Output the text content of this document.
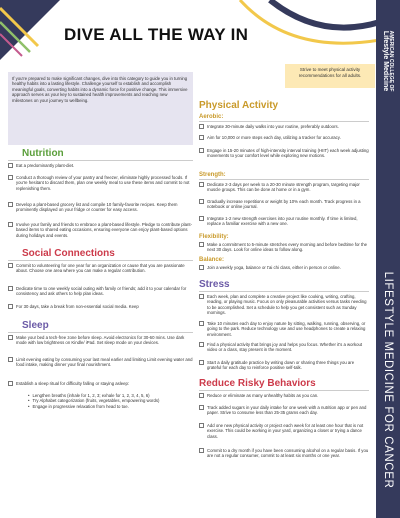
AMERICAN COLLEGE OF
Lifestyle Medicine
LIFESTYLE MEDICINE FOR CANCER
DIVE ALL THE WAY IN
If you're prepared to make significant changes, dive into this category to guide you in turning healthy habits into a lasting lifestyle. Challenge yourself to establish and accomplish meaningful goals, converting habits into a dynamic force for positive change. This immersive approach serves as your key to sustained health improvements and reaching new milestones on your journey to wellbeing.
Strive to meet physical activity recommendations for all adults.
Nutrition
Eat a predominantly plant-diet.
Conduct a thorough review of your pantry and freezer, eliminate highly processed foods. If you're hesitant to discard them, plan one weekly meal to use these items and commit to not replenishing them.
Develop a plant-based grocery list and compile 10 family-favorite recipes. Keep them prominently displayed on your fridge or counter for easy access.
Involve your family and friends to embrace a plant-based lifestyle. Pledge to contribute plant-based items to shared eating occasions, ensuring everyone can enjoy plant-based options during holidays and events.
Social Connections
Commit to volunteering for one year for an organization or cause that you are passionate about. Choose one area where you can make a regular contribution.
Dedicate time to one weekly social outing with family or friends; add it to your calendar for consistency and ask others to help plan ideas.
For 30 days, take a break from non-essential social media. Keep
Sleep
Make your bed a tech-free zone before sleep. Avoid electronics for 30-60 mins. Use dark mode with low brightness on Kindle/ iPad. Set sleep mode on your devices.
Limit evening eating by consuming your last meal earlier and limiting Limit evening water and food intake, making dinner your final nourishment.
Establish a sleep ritual for difficulty falling or staying asleep:
• Lengthen breaths (inhale for 1, 2, 3; exhale for 1, 2, 3, 4, 5, 6)
• Try Alphabet categorization (fruits, vegetables, empowering words)
• Engage in progressive relaxation from head to toe.
Physical Activity
Aerobic:
Integrate 30-minute daily walks into your routine, preferably outdoors.
Aim for 10,000 or more steps each day, utilizing a tracker for accuracy.
Engage in 15-20 minutes of high-intensity interval training (HIIT) each week adjusting movements to your comfort level while exploring new motions.
Strength:
Dedicate 2-3 days per week to a 20-30 minute strength program, targeting major muscle groups. This can be done at home or in a gym.
Gradually increase repetitions or weight by 10% each month. Track progress in a notebook or online journal.
Integrate 1-2 new strength exercises into your routine monthly. If time is limited, replace a familiar exercise with a new one.
Flexibility:
Make a commitment to 5-minute stretches every morning and before bedtime for the next 30 days. Look for online ideas to follow along.
Balance:
Join a weekly yoga, balance or t'ai chi class, either in person or online.
Stress
Each week, plan and complete a creative project like cooking, writing, crafting, reading, or playing music. Focus on only pleasurable activities versus tasks needing to be accomplished. Set a schedule to help you get consistent such as Sunday mornings.
Take 10 minutes each day to enjoy nature by sitting, walking, running, observing, or going to the park. Reduce technology use and use headphones to create a relaxing environment.
Find a physical activity that brings joy and helps you focus. Whether it's a workout video or a class, stay present in the moment.
Start a daily gratitude practice by writing down or sharing three things you are grateful for each day to reinforce positive self-talk.
Reduce Risky Behaviors
Reduce or eliminate as many unhealthy habits as you can.
Track added sugars in your daily intake for one week with a nutrition app or pen and paper. Strive to consume less than 25-35 grams each day.
Add one new physical activity or project each week for at least one hour that is not exercise. This could be working in your yard, organizing a closet or trying a dance class.
Commit to a dry month if you have been consuming alcohol on a regular basis. If you are not a regular consumer, commit to at least six months or one year.
